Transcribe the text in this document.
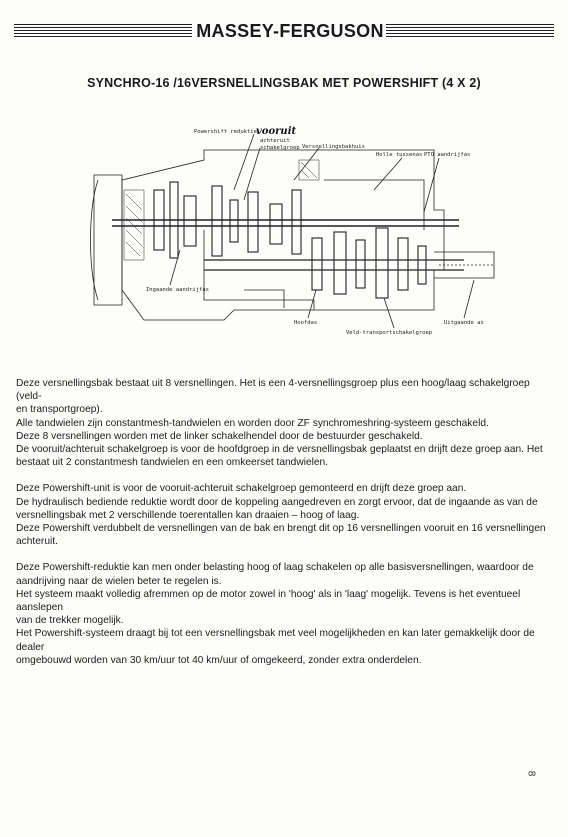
MASSEY-FERGUSON
SYNCHRO-16 /16VERSNELLINGSBAK MET POWERSHIFT (4 X 2)
Powershift reduktie vooruit
achteruit
schakelgroep Versnellingsbakhuis
Holle tussenas PTO aandrijfas
Ingaande aandrijfas
Hoofdas
Veld-transportschakelgroep
Uitgaande as

Deze versnellingsbak bestaat uit 8 versnellingen. Het is een 4-versnellingsgroep plus een hoog/laag schakelgroep (veld-

en transportgroep).

Alle tandwielen zijn constantmesh-tandwielen en worden door ZF synchromeshring-systeem geschakeld.

Deze 8 versnellingen worden met de linker schakelhendel door de bestuurder geschakeld.

De vooruit/achteruit schakelgroep is voor de hoofdgroep in de versnellingsbak geplaatst en drijft deze groep aan. Het

bestaat uit 2 constantmesh tandwielen en een omkeerset tandwielen.

Deze Powershift-unit is voor de vooruit-achteruit schakelgroep gemonteerd en drijft deze groep aan.

De hydraulisch bediende reduktie wordt door de koppeling aangedreven en zorgt ervoor, dat de ingaande as van de

versnellingsbak met 2 verschillende toerentallen kan draaien – hoog of laag.

Deze Powershift verdubbelt de versnellingen van de bak en brengt dit op 16 versnellingen vooruit en 16 versnellingen

achteruit.

Deze Powershift-reduktie kan men onder belasting hoog of laag schakelen op alle basisversnellingen, waardoor de

aandrijving naar de wielen beter te regelen is.

Het systeem maakt volledig afremmen op de motor zowel in 'hoog' als in 'laag' mogelijk. Tevens is het eventueel aanslepen

van de trekker mogelijk.

Het Powershift-systeem draagt bij tot een versnellingsbak met veel mogelijkheden en kan later gemakkelijk door de dealer

omgebouwd worden van 30 km/uur tot 40 km/uur of omgekeerd, zonder extra onderdelen.

8
